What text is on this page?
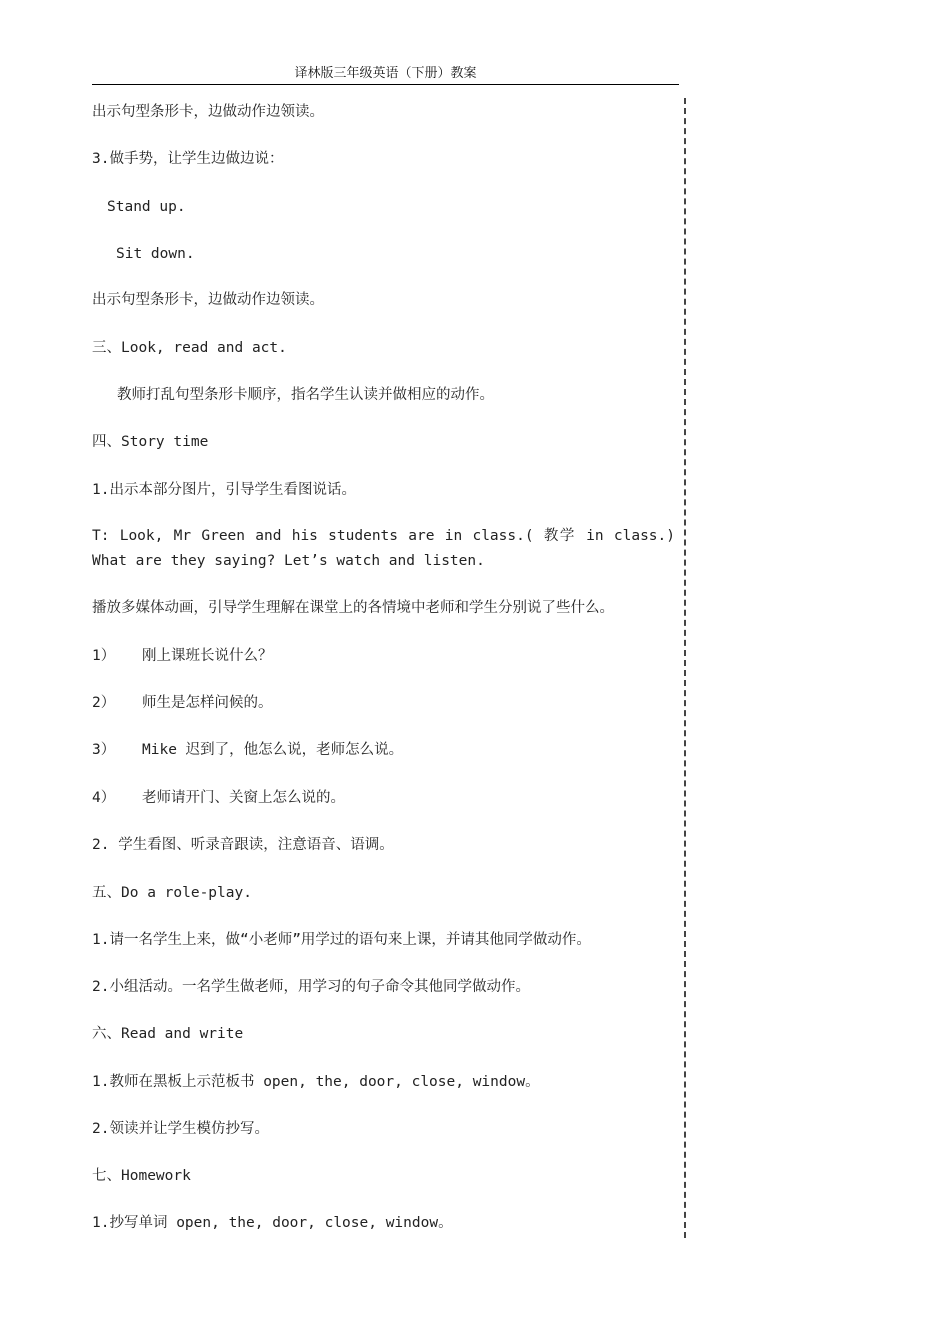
译林版三年级英语（下册）教案
出示句型条形卡，边做动作边领读。
3.做手势，让学生边做边说：
Stand up.
Sit down.
出示句型条形卡，边做动作边领读。
三、Look, read and act.
教师打乱句型条形卡顺序，指名学生认读并做相应的动作。
四、Story time
1.出示本部分图片，引导学生看图说话。
T: Look, Mr Green and his students are in class.( 教学 in class.) What are they saying? Let’s watch and listen.
播放多媒体动画，引导学生理解在课堂上的各情境中老师和学生分别说了些什么。
1） 刚上课班长说什么？
2） 师生是怎样问候的。
3） Mike 迟到了，他怎么说，老师怎么说。
4） 老师请开门、关窗上怎么说的。
2. 学生看图、听录音跟读，注意语音、语调。
五、Do a role-play.
1.请一名学生上来，做“小老师”用学过的语句来上课，并请其他同学做动作。
2.小组活动。一名学生做老师，用学习的句子命令其他同学做动作。
六、Read and write
1.教师在黑板上示范板书 open, the, door, close, window。
2.领读并让学生模仿抄写。
七、Homework
1.抄写单词 open, the, door, close, window。
